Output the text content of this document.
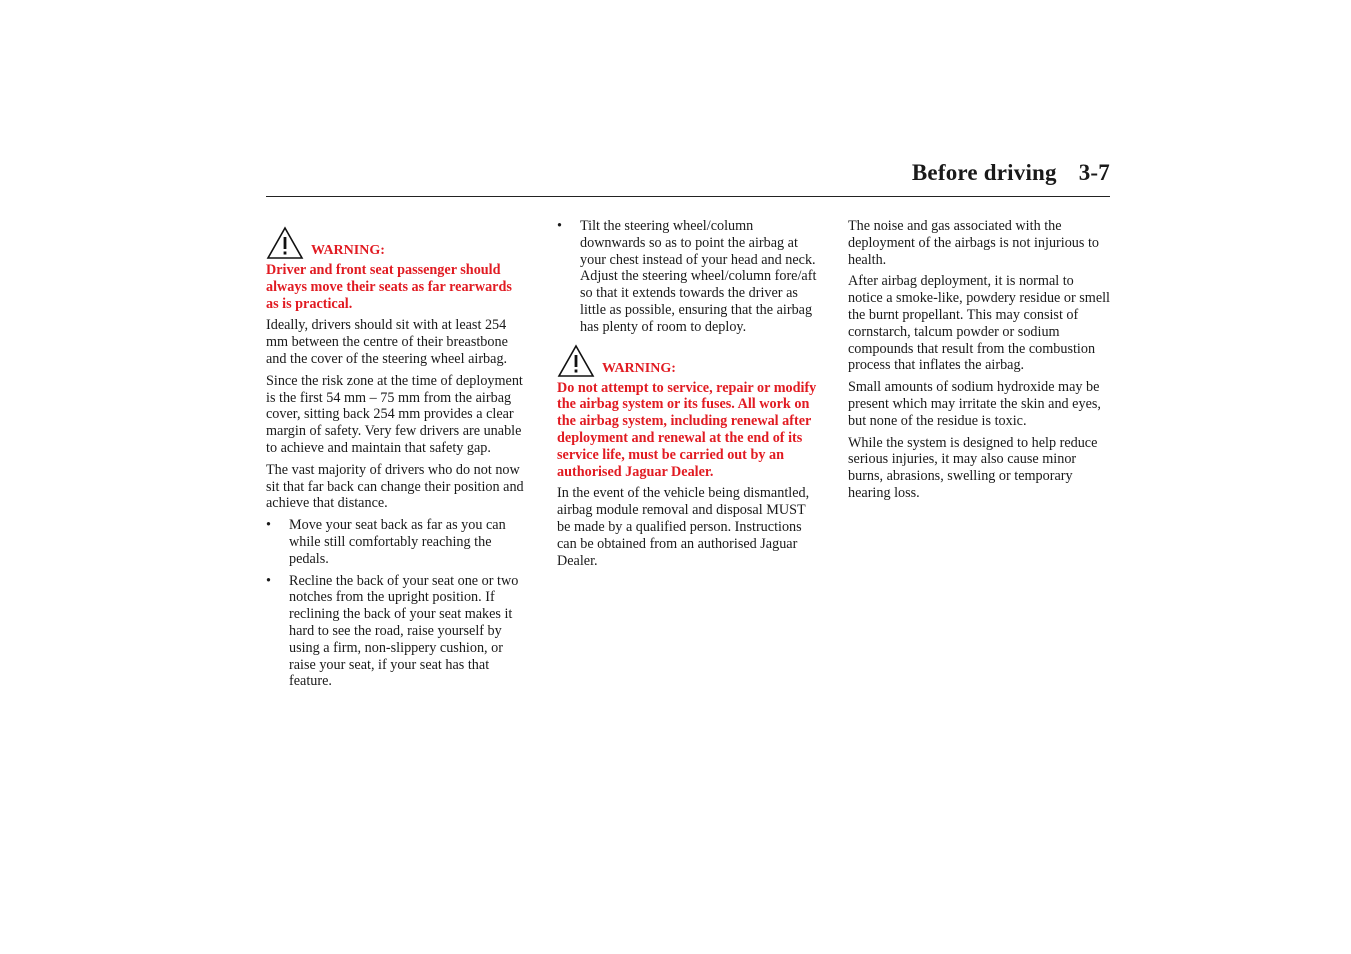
Before driving 3-7
WARNING:

Driver and front seat passenger should always move their seats as far rearwards as is practical.

Ideally, drivers should sit with at least 254 mm between the centre of their breastbone and the cover of the steering wheel airbag.

Since the risk zone at the time of deployment is the first 54 mm – 75 mm from the airbag cover, sitting back 254 mm provides a clear margin of safety. Very few drivers are unable to achieve and maintain that safety gap.

The vast majority of drivers who do not now sit that far back can change their position and achieve that distance.

• Move your seat back as far as you can while still comfortably reaching the pedals.
• Recline the back of your seat one or two notches from the upright position. If reclining the back of your seat makes it hard to see the road, raise yourself by using a firm, non-slippery cushion, or raise your seat, if your seat has that feature.
• Tilt the steering wheel/column downwards so as to point the airbag at your chest instead of your head and neck. Adjust the steering wheel/column fore/aft so that it extends towards the driver as little as possible, ensuring that the airbag has plenty of room to deploy.
WARNING:

Do not attempt to service, repair or modify the airbag system or its fuses. All work on the airbag system, including renewal after deployment and renewal at the end of its service life, must be carried out by an authorised Jaguar Dealer.

In the event of the vehicle being dismantled, airbag module removal and disposal MUST be made by a qualified person. Instructions can be obtained from an authorised Jaguar Dealer.

The noise and gas associated with the deployment of the airbags is not injurious to health.

After airbag deployment, it is normal to notice a smoke-like, powdery residue or smell the burnt propellant. This may consist of cornstarch, talcum powder or sodium compounds that result from the combustion process that inflates the airbag.

Small amounts of sodium hydroxide may be present which may irritate the skin and eyes, but none of the residue is toxic.

While the system is designed to help reduce serious injuries, it may also cause minor burns, abrasions, swelling or temporary hearing loss.
